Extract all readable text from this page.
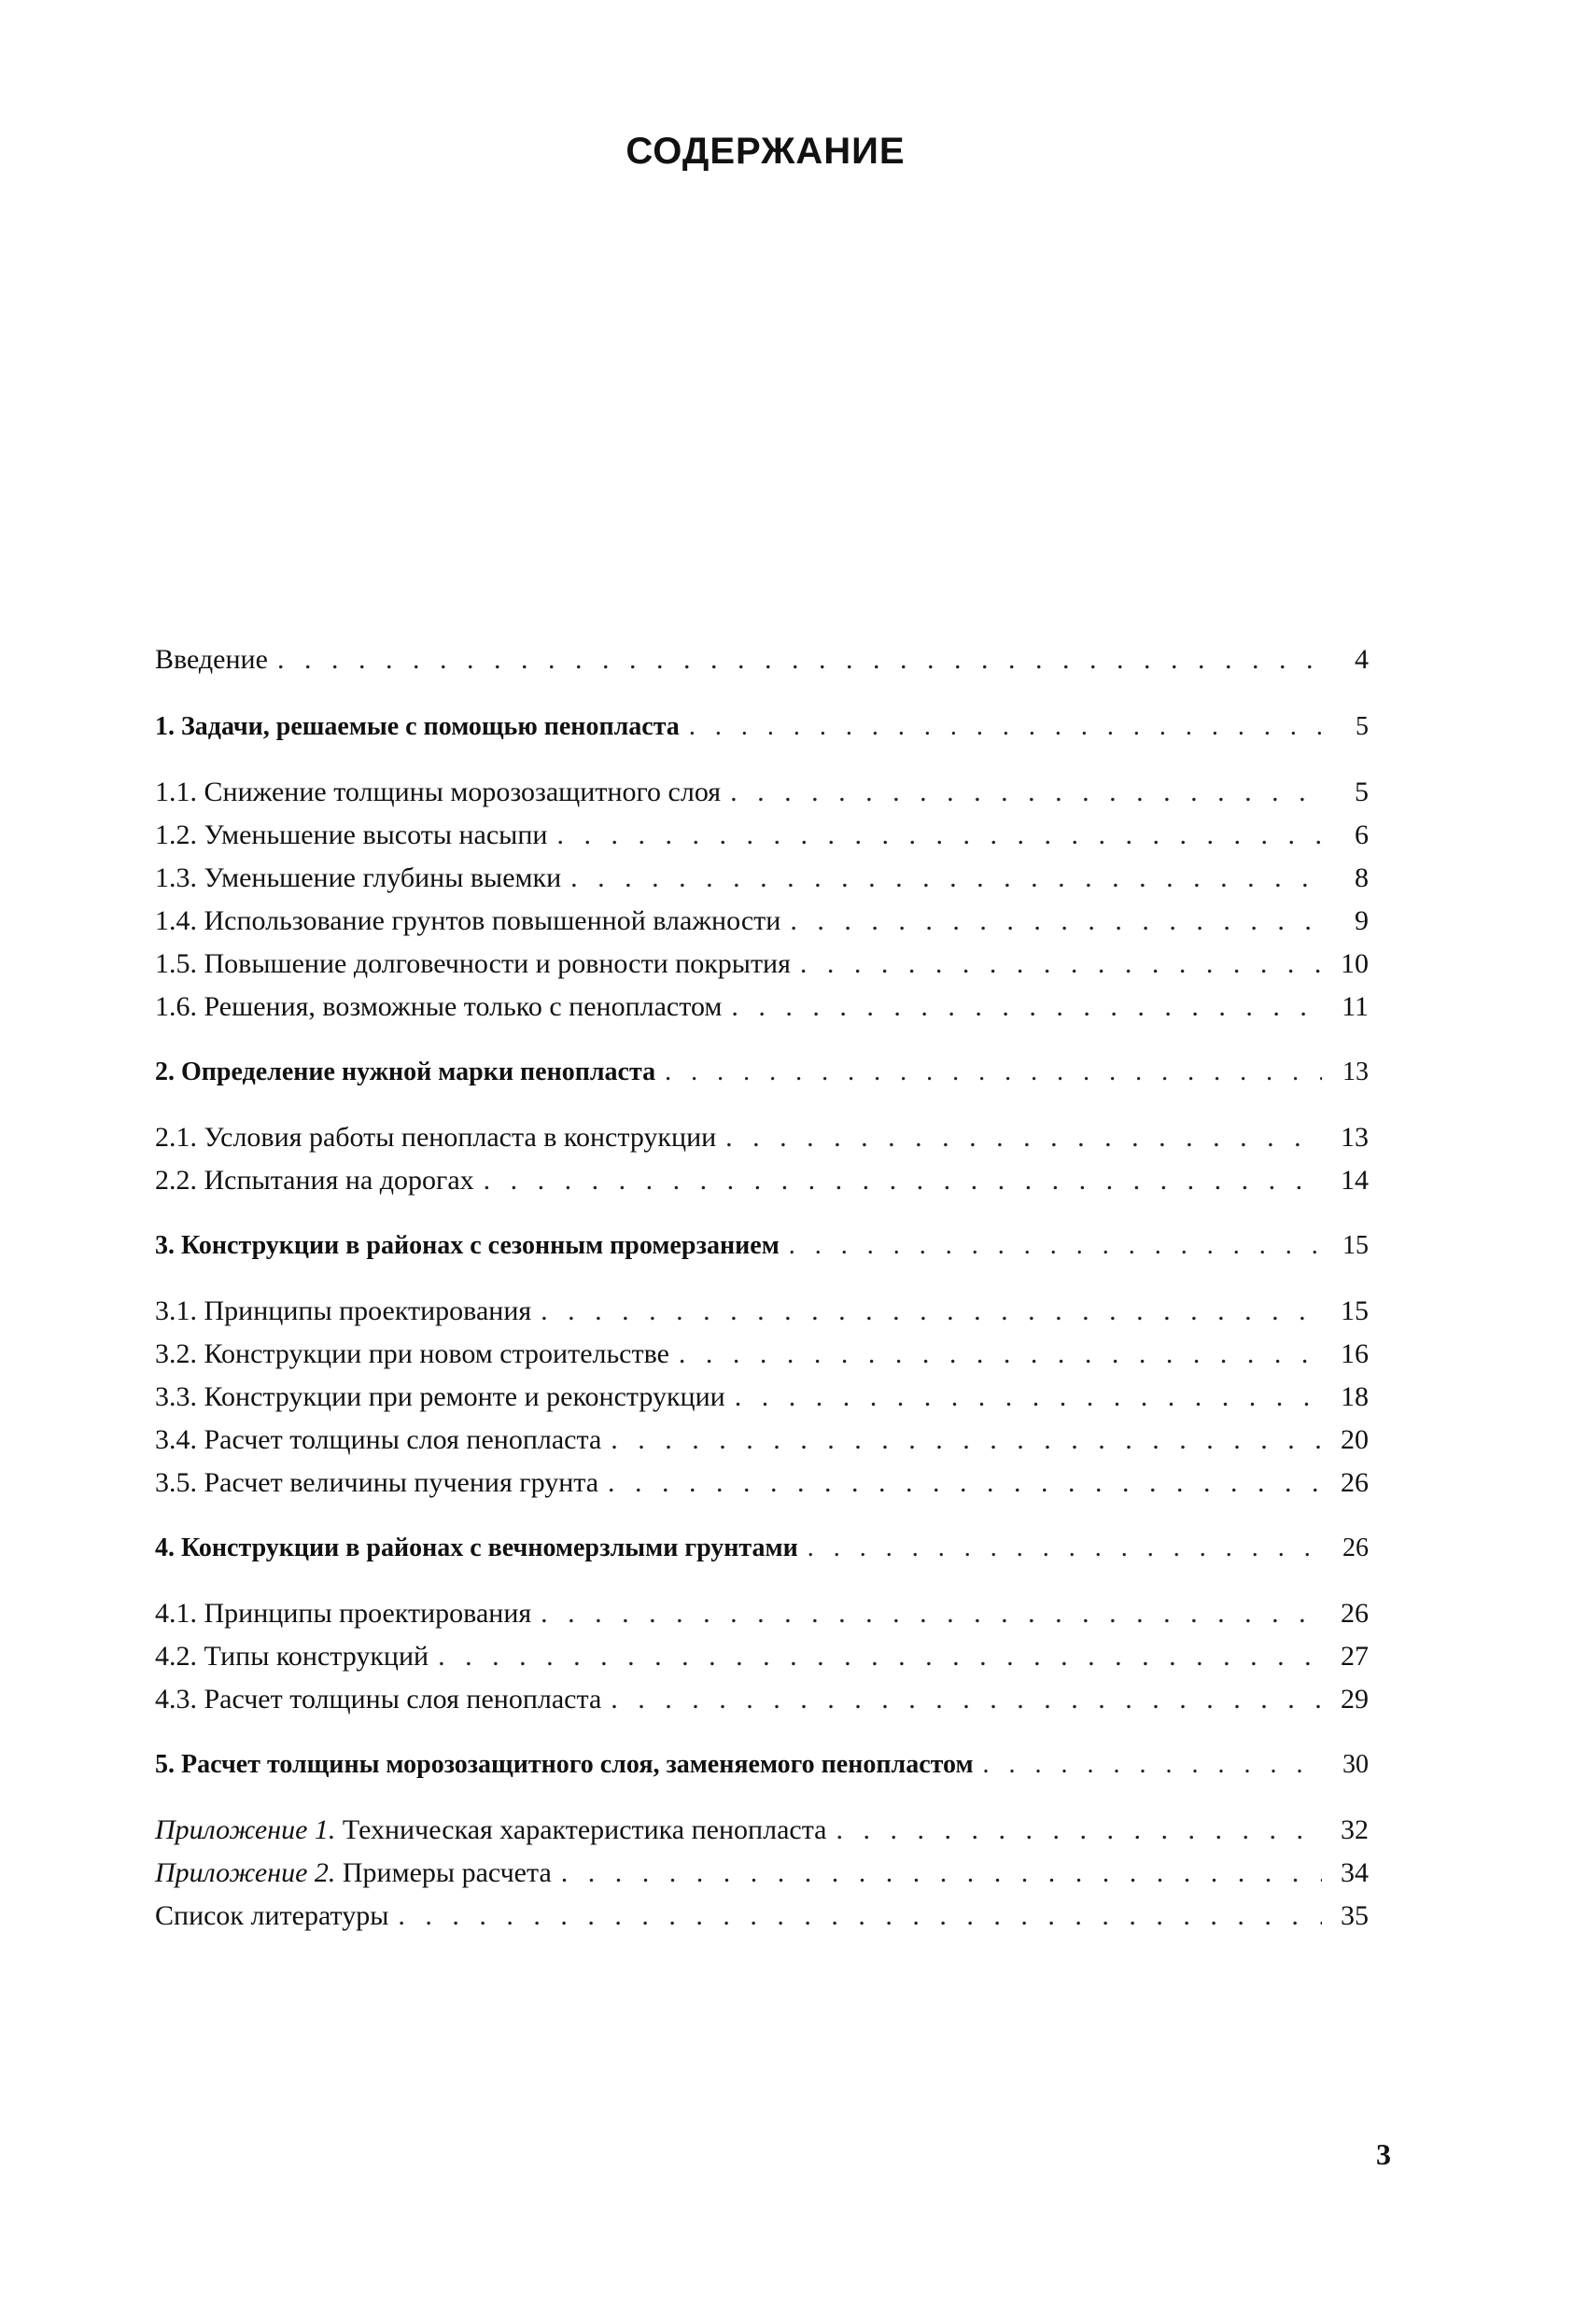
СОДЕРЖАНИЕ
Введение . . .	4
1. Задачи, решаемые с помощью пенопласта . . .	5
1.1. Снижение толщины морозозащитного слоя . . .	5
1.2. Уменьшение высоты насыпи . . .	6
1.3. Уменьшение глубины выемки . . .	8
1.4. Использование грунтов повышенной влажности . . .	9
1.5. Повышение долговечности и ровности покрытия . . .	10
1.6. Решения, возможные только с пенопластом . . .	11
2. Определение нужной марки пенопласта . . .	13
2.1. Условия работы пенопласта в конструкции . . .	13
2.2. Испытания на дорогах . . .	14
3. Конструкции в районах с сезонным промерзанием . . .	15
3.1. Принципы проектирования . . .	15
3.2. Конструкции при новом строительстве . . .	16
3.3. Конструкции при ремонте и реконструкции . . .	18
3.4. Расчет толщины слоя пенопласта . . .	20
3.5. Расчет величины пучения грунта . . .	26
4. Конструкции в районах с вечномерзлыми грунтами . . .	26
4.1. Принципы проектирования . . .	26
4.2. Типы конструкций . . .	27
4.3. Расчет толщины слоя пенопласта . . .	29
5. Расчет толщины морозозащитного слоя, заменяемого пенопластом . . .	30
Приложение 1. Техническая характеристика пенопласта . . .	32
Приложение 2. Примеры расчета . . .	34
Список литературы . . .	35
3
